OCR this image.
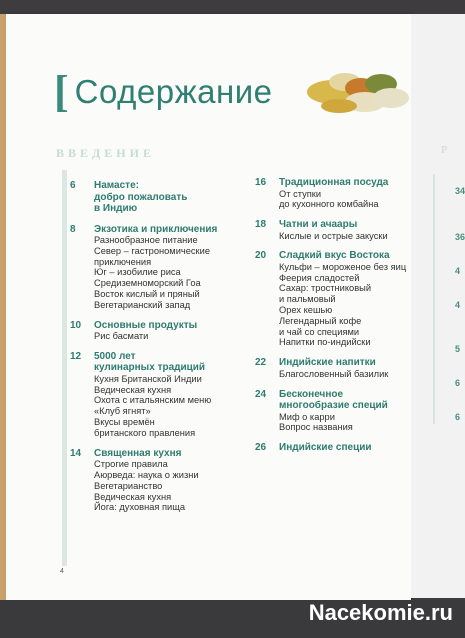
Р
34
36
4
4
5
6
6
[ Содержание
ВВЕДЕНИЕ
6 Намасте:
добро пожаловать
в Индию
8 Экзотика и приключения
Разнообразное питание
Север – гастрономические
приключения
Юг – изобилие риса
Средиземноморский Гоа
Восток кислый и пряный
Вегетарианский запад
10 Основные продукты
Рис басмати
12 5000 лет
кулинарных традиций
Кухня Британской Индии
Ведическая кухня
Охота с итальянским меню
«Клуб ягнят»
Вкусы времён
британского правления
14 Священная кухня
Строгие правила
Аюрведа: наука о жизни
Вегетарианство
Ведическая кухня
Йога: духовная пища
16 Традиционная посуда
От ступки
до кухонного комбайна
18 Чатни и ачаары
Кислые и острые закуски
20 Сладкий вкус Востока
Кульфи – мороженое без яиц
Феерия сладостей
Сахар: тростниковый
и пальмовый
Орех кешью
Легендарный кофе
и чай со специями
Напитки по-индийски
22 Индийские напитки
Благословенный базилик
24 Бесконечное
многообразие специй
Миф о карри
Вопрос названия
26 Индийские специи
4
Nacekomie.ru
